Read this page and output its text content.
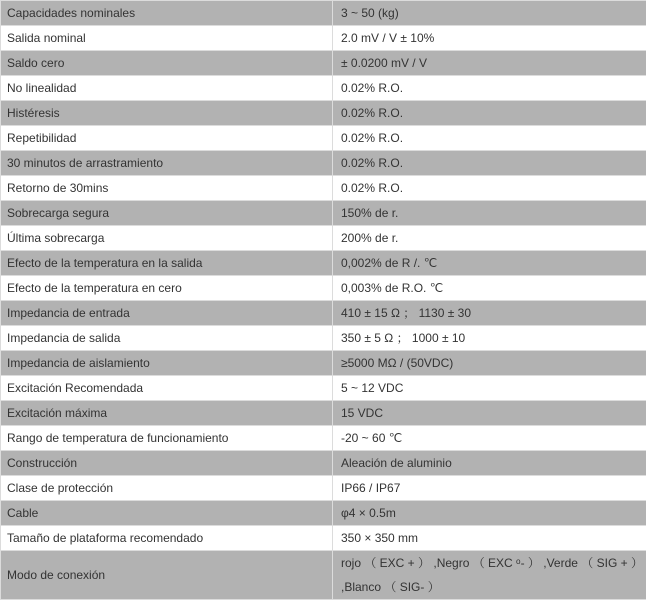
Capacidades nominales	3 ~ 50 (kg)
Salida nominal	2.0 mV / V ± 10%
Saldo cero	± 0.0200 mV / V
No linealidad	0.02% R.O.
Histéresis	0.02% R.O.
Repetibilidad	0.02% R.O.
30 minutos de arrastramiento	0.02% R.O.
Retorno de 30mins	0.02% R.O.
Sobrecarga segura	150% de r.
Última sobrecarga	200% de r.
Efecto de la temperatura en la salida	0,002% de R /. ℃
Efecto de la temperatura en cero	0,003% de R.O. ℃
Impedancia de entrada	410 ± 15 Ω ； 1130 ± 30
Impedancia de salida	350 ± 5 Ω ； 1000 ± 10
Impedancia de aislamiento	≥5000 MΩ / (50VDC)
Excitación Recomendada	5 ~ 12 VDC
Excitación máxima	15 VDC
Rango de temperatura de funcionamiento	-20 ~ 60 ℃
Construcción	Aleación de aluminio
Clase de protección	IP66 / IP67
Cable	φ4 × 0.5m
Tamaño de plataforma recomendado	350 × 350 mm
Modo de conexión	rojo （ EXC + ） ,Negro （ EXC ᵒ- ） ,Verde （ SIG + ） ,Blanco （ SIG- ）
